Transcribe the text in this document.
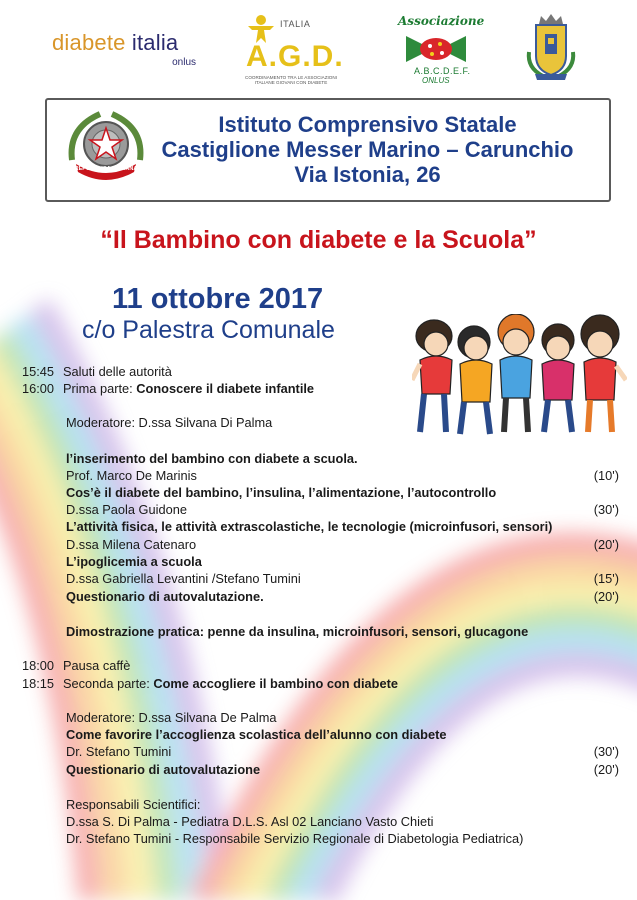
diabete italia
onlus
ITALIA
A.G.D.
COORDINAMENTO TRA LE ASSOCIAZIONI ITALIANE GIOVANI CON DIABETE
Associazione
A.B.C.D.E.F.
ONLUS
REPUBBLICA ITALIANA
Istituto Comprensivo Statale
Castiglione Messer Marino – Carunchio
Via Istonia, 26
“Il Bambino con diabete e la Scuola”
11 ottobre 2017
c/o Palestra Comunale
15:45 Saluti delle autorità
16:00 Prima parte: Conoscere il diabete infantile
Moderatore: D.ssa Silvana Di Palma
l’inserimento del bambino con diabete a scuola.
Prof. Marco De Marinis	(10')
Cos’è il diabete del bambino, l’insulina, l’alimentazione, l’autocontrollo
D.ssa Paola Guidone	(30')
L’attività fisica, le attività extrascolastiche, le tecnologie (microinfusori, sensori)
D.ssa Milena Catenaro	(20')
L’ipoglicemia a scuola
D.ssa Gabriella Levantini /Stefano Tumini	(15')
Questionario di autovalutazione.	(20')
Dimostrazione pratica: penne da insulina, microinfusori, sensori, glucagone
18:00 Pausa caffè
18:15 Seconda parte: Come accogliere il bambino con diabete
Moderatore: D.ssa Silvana De Palma
Come favorire l’accoglienza scolastica dell’alunno con diabete
Dr. Stefano Tumini	(30')
Questionario di autovalutazione	(20')
Responsabili Scientifici:
D.ssa S. Di Palma - Pediatra D.L.S. Asl 02 Lanciano Vasto Chieti
Dr. Stefano Tumini - Responsabile Servizio Regionale di Diabetologia Pediatrica)
